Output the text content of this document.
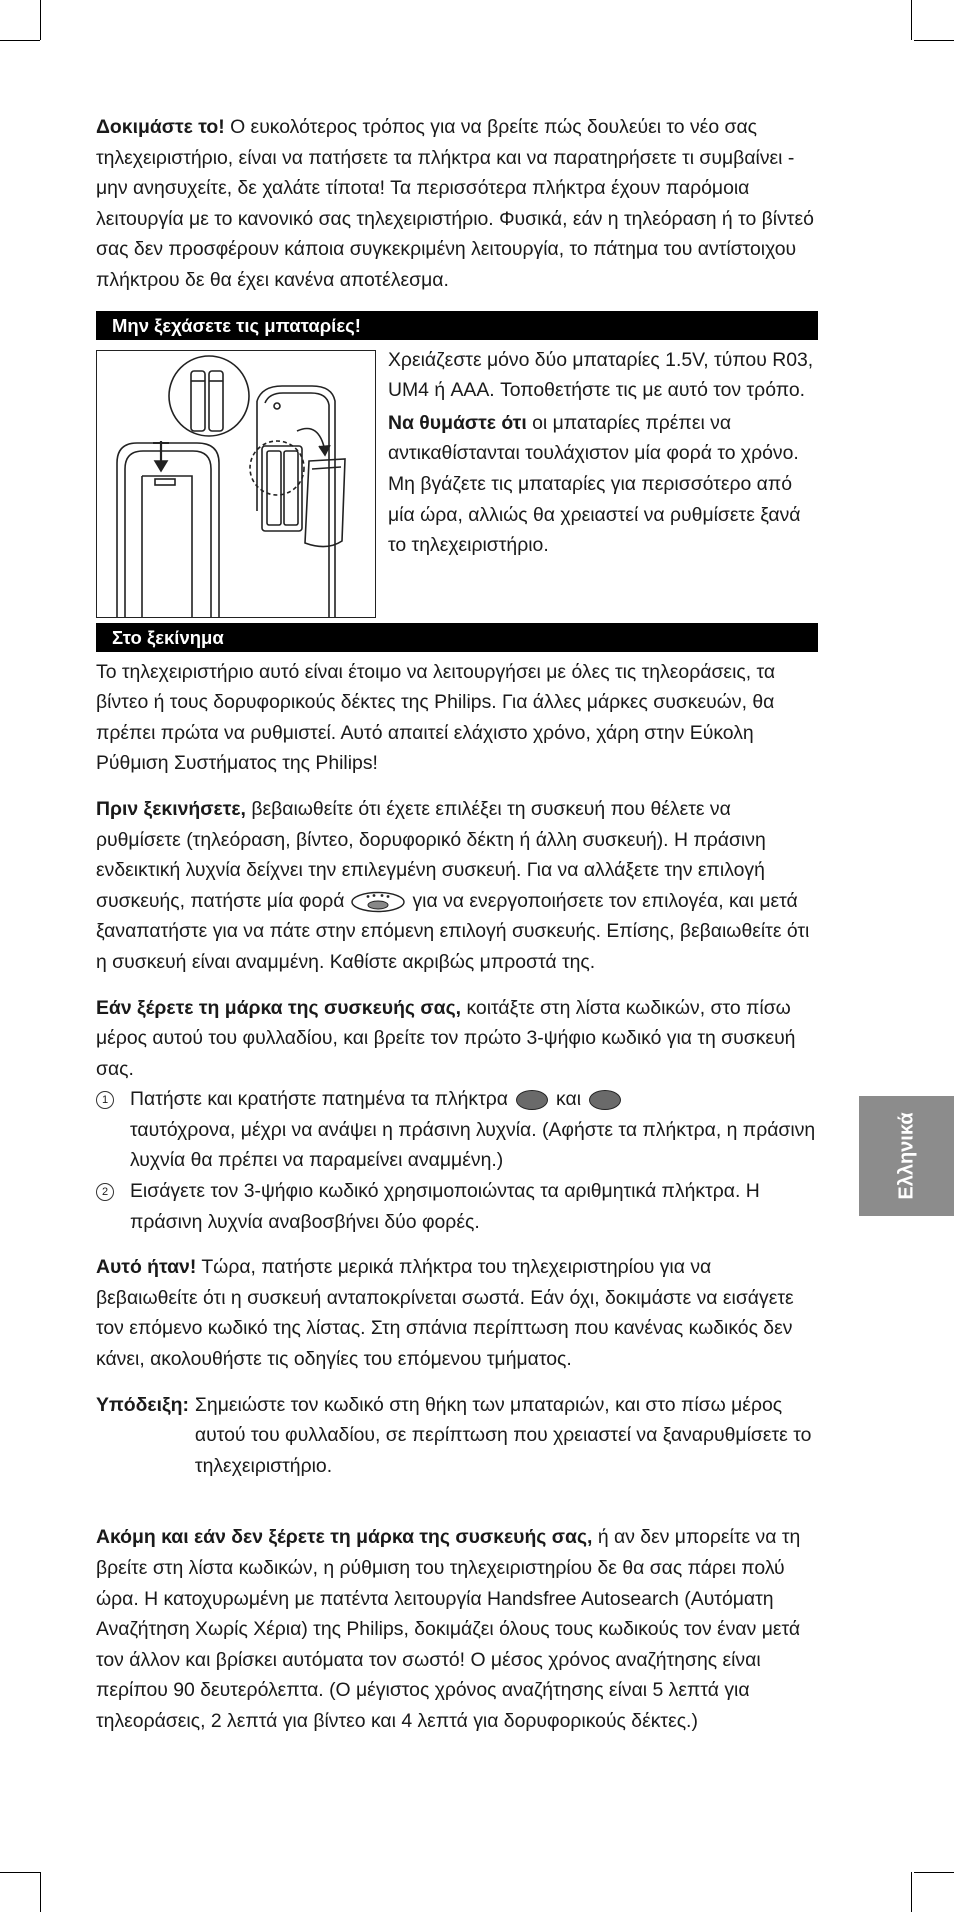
Ελληνικά

Δοκιμάστε το! Ο ευκολότερος τρόπος για να βρείτε πώς δουλεύει το νέο σας τηλεχειριστήριο, είναι να πατήσετε τα πλήκτρα και να παρατηρήσετε τι συμβαίνει - μην ανησυχείτε, δε χαλάτε τίποτα! Τα περισσότερα πλήκτρα έχουν παρόμοια λειτουργία με το κανονικό σας τηλεχειριστήριο. Φυσικά, εάν η τηλεόραση ή το βίντεό σας δεν προσφέρουν κάποια συγκεκριμένη λειτουργία, το πάτημα του αντίστοιχου πλήκτρου δε θα έχει κανένα αποτέλεσμα.

Μην ξεχάσετε τις μπαταρίες!

Χρειάζεστε μόνο δύο μπαταρίες 1.5V, τύπου R03, UM4 ή AAA. Τοποθετήστε τις με αυτό τον τρόπο.

Να θυμάστε ότι οι μπαταρίες πρέπει να αντικαθίστανται τουλάχιστον μία φορά το χρόνο. Μη βγάζετε τις μπαταρίες για περισσότερο από μία ώρα, αλλιώς θα χρειαστεί να ρυθμίσετε ξανά το τηλεχειριστήριο.

Στο ξεκίνημα

Το τηλεχειριστήριο αυτό είναι έτοιμο να λειτουργήσει με όλες τις τηλεοράσεις, τα βίντεο ή τους δορυφορικούς δέκτες της Philips. Για άλλες μάρκες συσκευών, θα πρέπει πρώτα να ρυθμιστεί. Αυτό απαιτεί ελάχιστο χρόνο, χάρη στην Εύκολη Ρύθμιση Συστήματος της Philips!

Πριν ξεκινήσετε, βεβαιωθείτε ότι έχετε επιλέξει τη συσκευή που θέλετε να ρυθμίσετε (τηλεόραση, βίντεο, δορυφορικό δέκτη ή άλλη συσκευή). Η πράσινη ενδεικτική λυχνία δείχνει την επιλεγμένη συσκευή. Για να αλλάξετε την επιλογή συσκευής, πατήστε μία φορά	για να ενεργοποιήσετε τον επιλογέα, και μετά ξαναπατήστε για να πάτε στην επόμενη επιλογή συσκευής. Επίσης, βεβαιωθείτε ότι η συσκευή είναι αναμμένη. Καθίστε ακριβώς μπροστά της.

Εάν ξέρετε τη μάρκα της συσκευής σας, κοιτάξτε στη λίστα κωδικών, στο πίσω μέρος αυτού του φυλλαδίου, και βρείτε τον πρώτο 3-ψήφιο κωδικό για τη συσκευή σας.

1	Πατήστε και κρατήστε πατημένα τα πλήκτρα και
ταυτόχρονα, μέχρι να ανάψει η πράσινη λυχνία. (Αφήστε τα πλήκτρα, η πράσινη λυχνία θα πρέπει να παραμείνει αναμμένη.)
2	Εισάγετε τον 3-ψήφιο κωδικό χρησιμοποιώντας τα αριθμητικά πλήκτρα. Η πράσινη λυχνία αναβοσβήνει δύο φορές.

Αυτό ήταν! Τώρα, πατήστε μερικά πλήκτρα του τηλεχειριστηρίου για να βεβαιωθείτε ότι η συσκευή ανταποκρίνεται σωστά. Εάν όχι, δοκιμάστε να εισάγετε τον επόμενο κωδικό της λίστας. Στη σπάνια περίπτωση που κανένας κωδικός δεν κάνει, ακολουθήστε τις οδηγίες του επόμενου τμήματος.

Υπόδειξη: Σημειώστε τον κωδικό στη θήκη των μπαταριών, και στο πίσω μέρος αυτού του φυλλαδίου, σε περίπτωση που χρειαστεί να ξαναρυθμίσετε το τηλεχειριστήριο.

Ακόμη και εάν δεν ξέρετε τη μάρκα της συσκευής σας, ή αν δεν μπορείτε να τη βρείτε στη λίστα κωδικών, η ρύθμιση του τηλεχειριστηρίου δε θα σας πάρει πολύ ώρα. Η κατοχυρωμένη με πατέντα λειτουργία Handsfree Autosearch (Αυτόματη Αναζήτηση Χωρίς Χέρια) της Philips, δοκιμάζει όλους τους κωδικούς τον έναν μετά τον άλλον και βρίσκει αυτόματα τον σωστό! Ο μέσος χρόνος αναζήτησης είναι περίπου 90 δευτερόλεπτα. (Ο μέγιστος χρόνος αναζήτησης είναι 5 λεπτά για τηλεοράσεις, 2 λεπτά για βίντεο και 4 λεπτά για δορυφορικούς δέκτες.)
